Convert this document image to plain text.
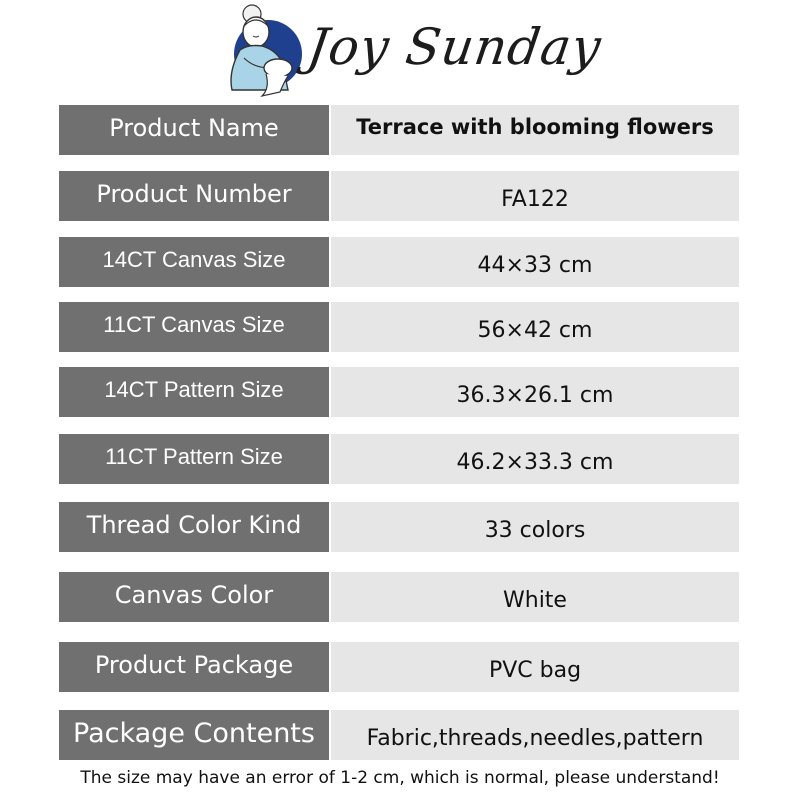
Joy Sunday
Product Name	Terrace with blooming flowers
Product Number	FA122
14CT Canvas Size	44×33 cm
11CT Canvas Size	56×42 cm
14CT Pattern Size	36.3×26.1 cm
11CT Pattern Size	46.2×33.3 cm
Thread Color Kind	33 colors
Canvas Color	White
Product Package	PVC bag
Package Contents	Fabric,threads,needles,pattern
The size may have an error of 1-2 cm, which is normal, please understand!
